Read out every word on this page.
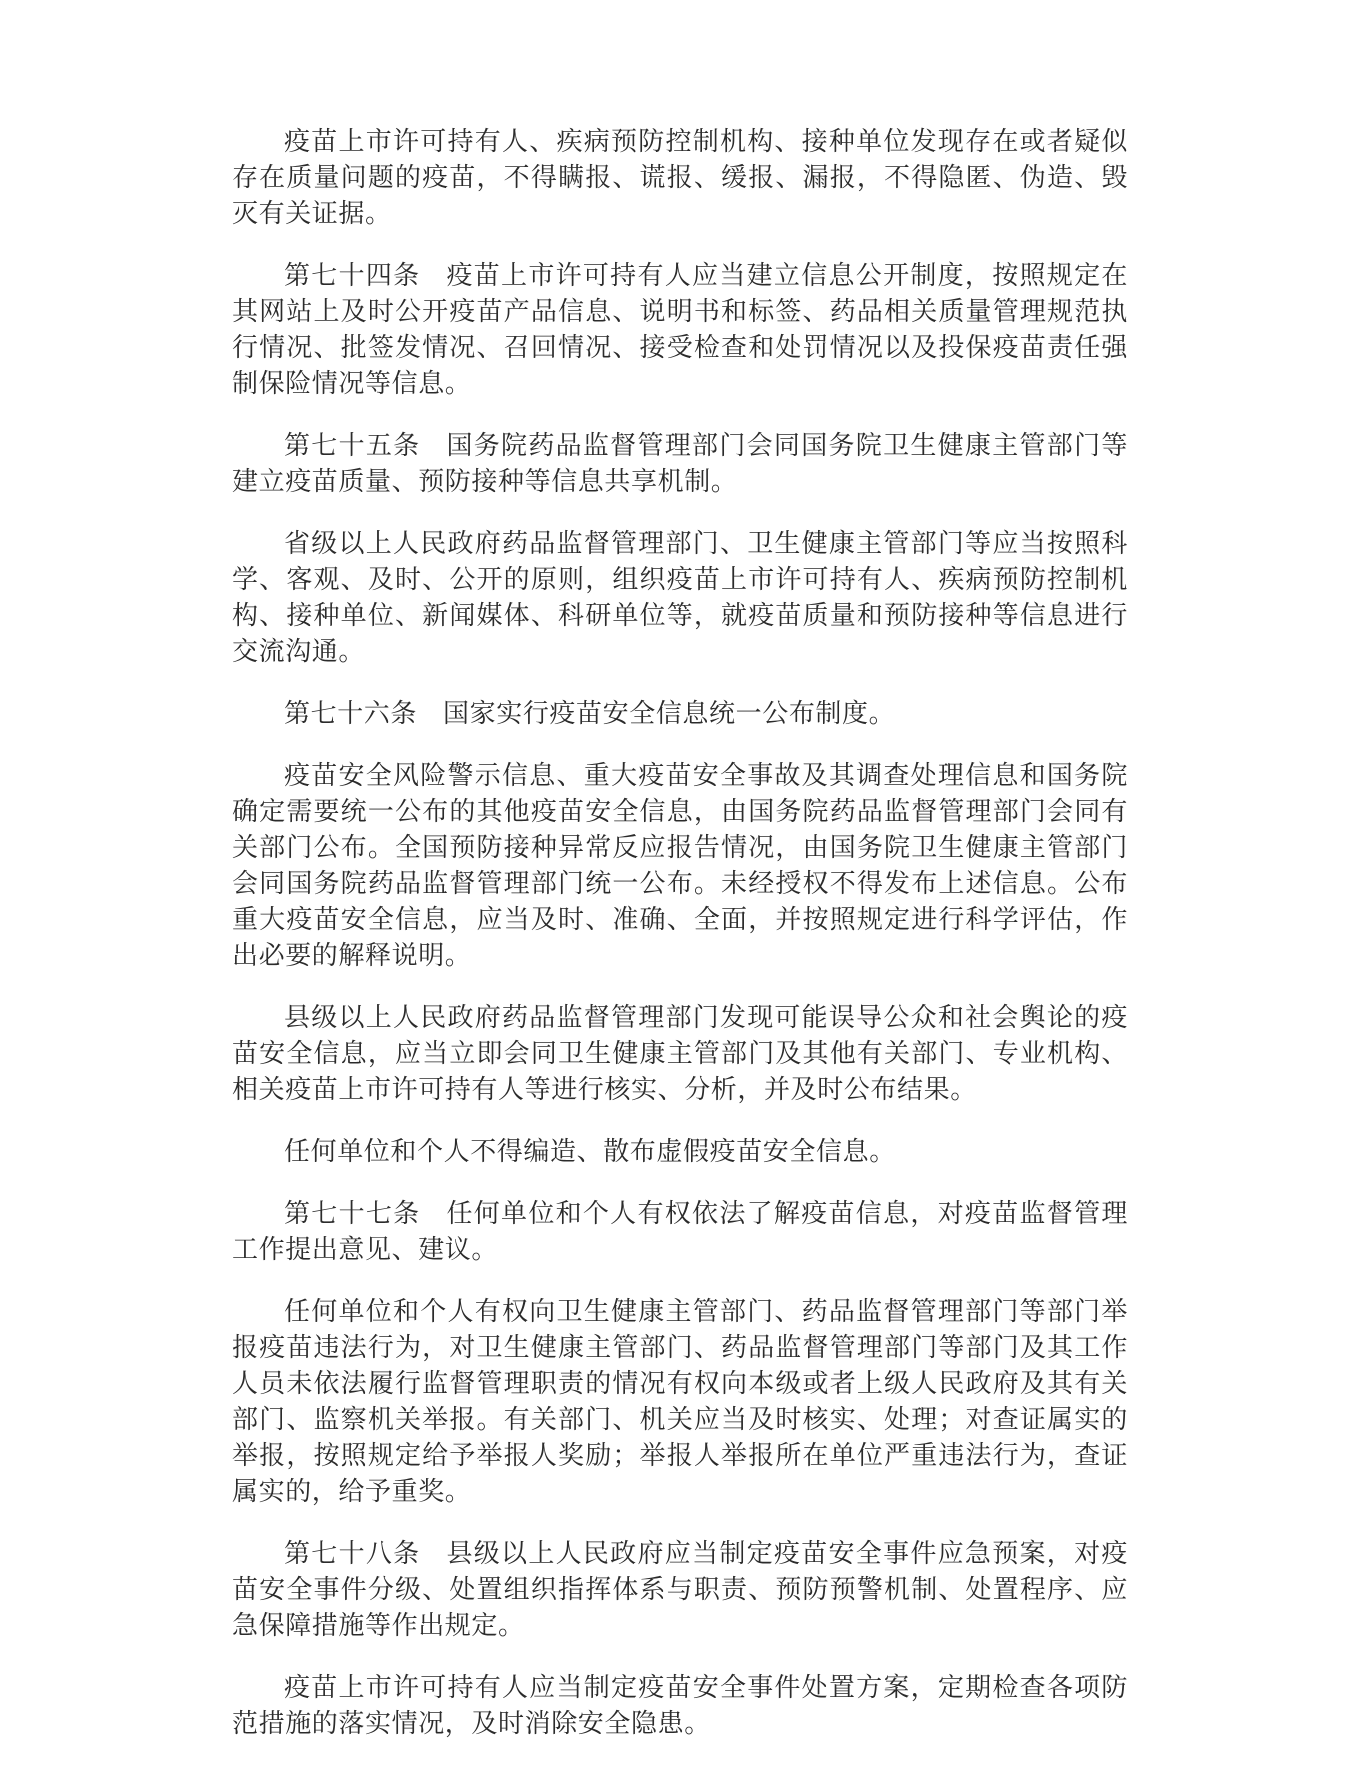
疫苗上市许可持有人、疾病预防控制机构、接种单位发现存在或者疑似存在质量问题的疫苗，不得瞒报、谎报、缓报、漏报，不得隐匿、伪造、毁灭有关证据。

第七十四条 疫苗上市许可持有人应当建立信息公开制度，按照规定在其网站上及时公开疫苗产品信息、说明书和标签、药品相关质量管理规范执行情况、批签发情况、召回情况、接受检查和处罚情况以及投保疫苗责任强制保险情况等信息。

第七十五条 国务院药品监督管理部门会同国务院卫生健康主管部门等建立疫苗质量、预防接种等信息共享机制。

省级以上人民政府药品监督管理部门、卫生健康主管部门等应当按照科学、客观、及时、公开的原则，组织疫苗上市许可持有人、疾病预防控制机构、接种单位、新闻媒体、科研单位等，就疫苗质量和预防接种等信息进行交流沟通。

第七十六条 国家实行疫苗安全信息统一公布制度。

疫苗安全风险警示信息、重大疫苗安全事故及其调查处理信息和国务院确定需要统一公布的其他疫苗安全信息，由国务院药品监督管理部门会同有关部门公布。全国预防接种异常反应报告情况，由国务院卫生健康主管部门会同国务院药品监督管理部门统一公布。未经授权不得发布上述信息。公布重大疫苗安全信息，应当及时、准确、全面，并按照规定进行科学评估，作出必要的解释说明。

县级以上人民政府药品监督管理部门发现可能误导公众和社会舆论的疫苗安全信息，应当立即会同卫生健康主管部门及其他有关部门、专业机构、相关疫苗上市许可持有人等进行核实、分析，并及时公布结果。

任何单位和个人不得编造、散布虚假疫苗安全信息。

第七十七条 任何单位和个人有权依法了解疫苗信息，对疫苗监督管理工作提出意见、建议。

任何单位和个人有权向卫生健康主管部门、药品监督管理部门等部门举报疫苗违法行为，对卫生健康主管部门、药品监督管理部门等部门及其工作人员未依法履行监督管理职责的情况有权向本级或者上级人民政府及其有关部门、监察机关举报。有关部门、机关应当及时核实、处理；对查证属实的举报，按照规定给予举报人奖励；举报人举报所在单位严重违法行为，查证属实的，给予重奖。

第七十八条 县级以上人民政府应当制定疫苗安全事件应急预案，对疫苗安全事件分级、处置组织指挥体系与职责、预防预警机制、处置程序、应急保障措施等作出规定。

疫苗上市许可持有人应当制定疫苗安全事件处置方案，定期检查各项防范措施的落实情况，及时消除安全隐患。
